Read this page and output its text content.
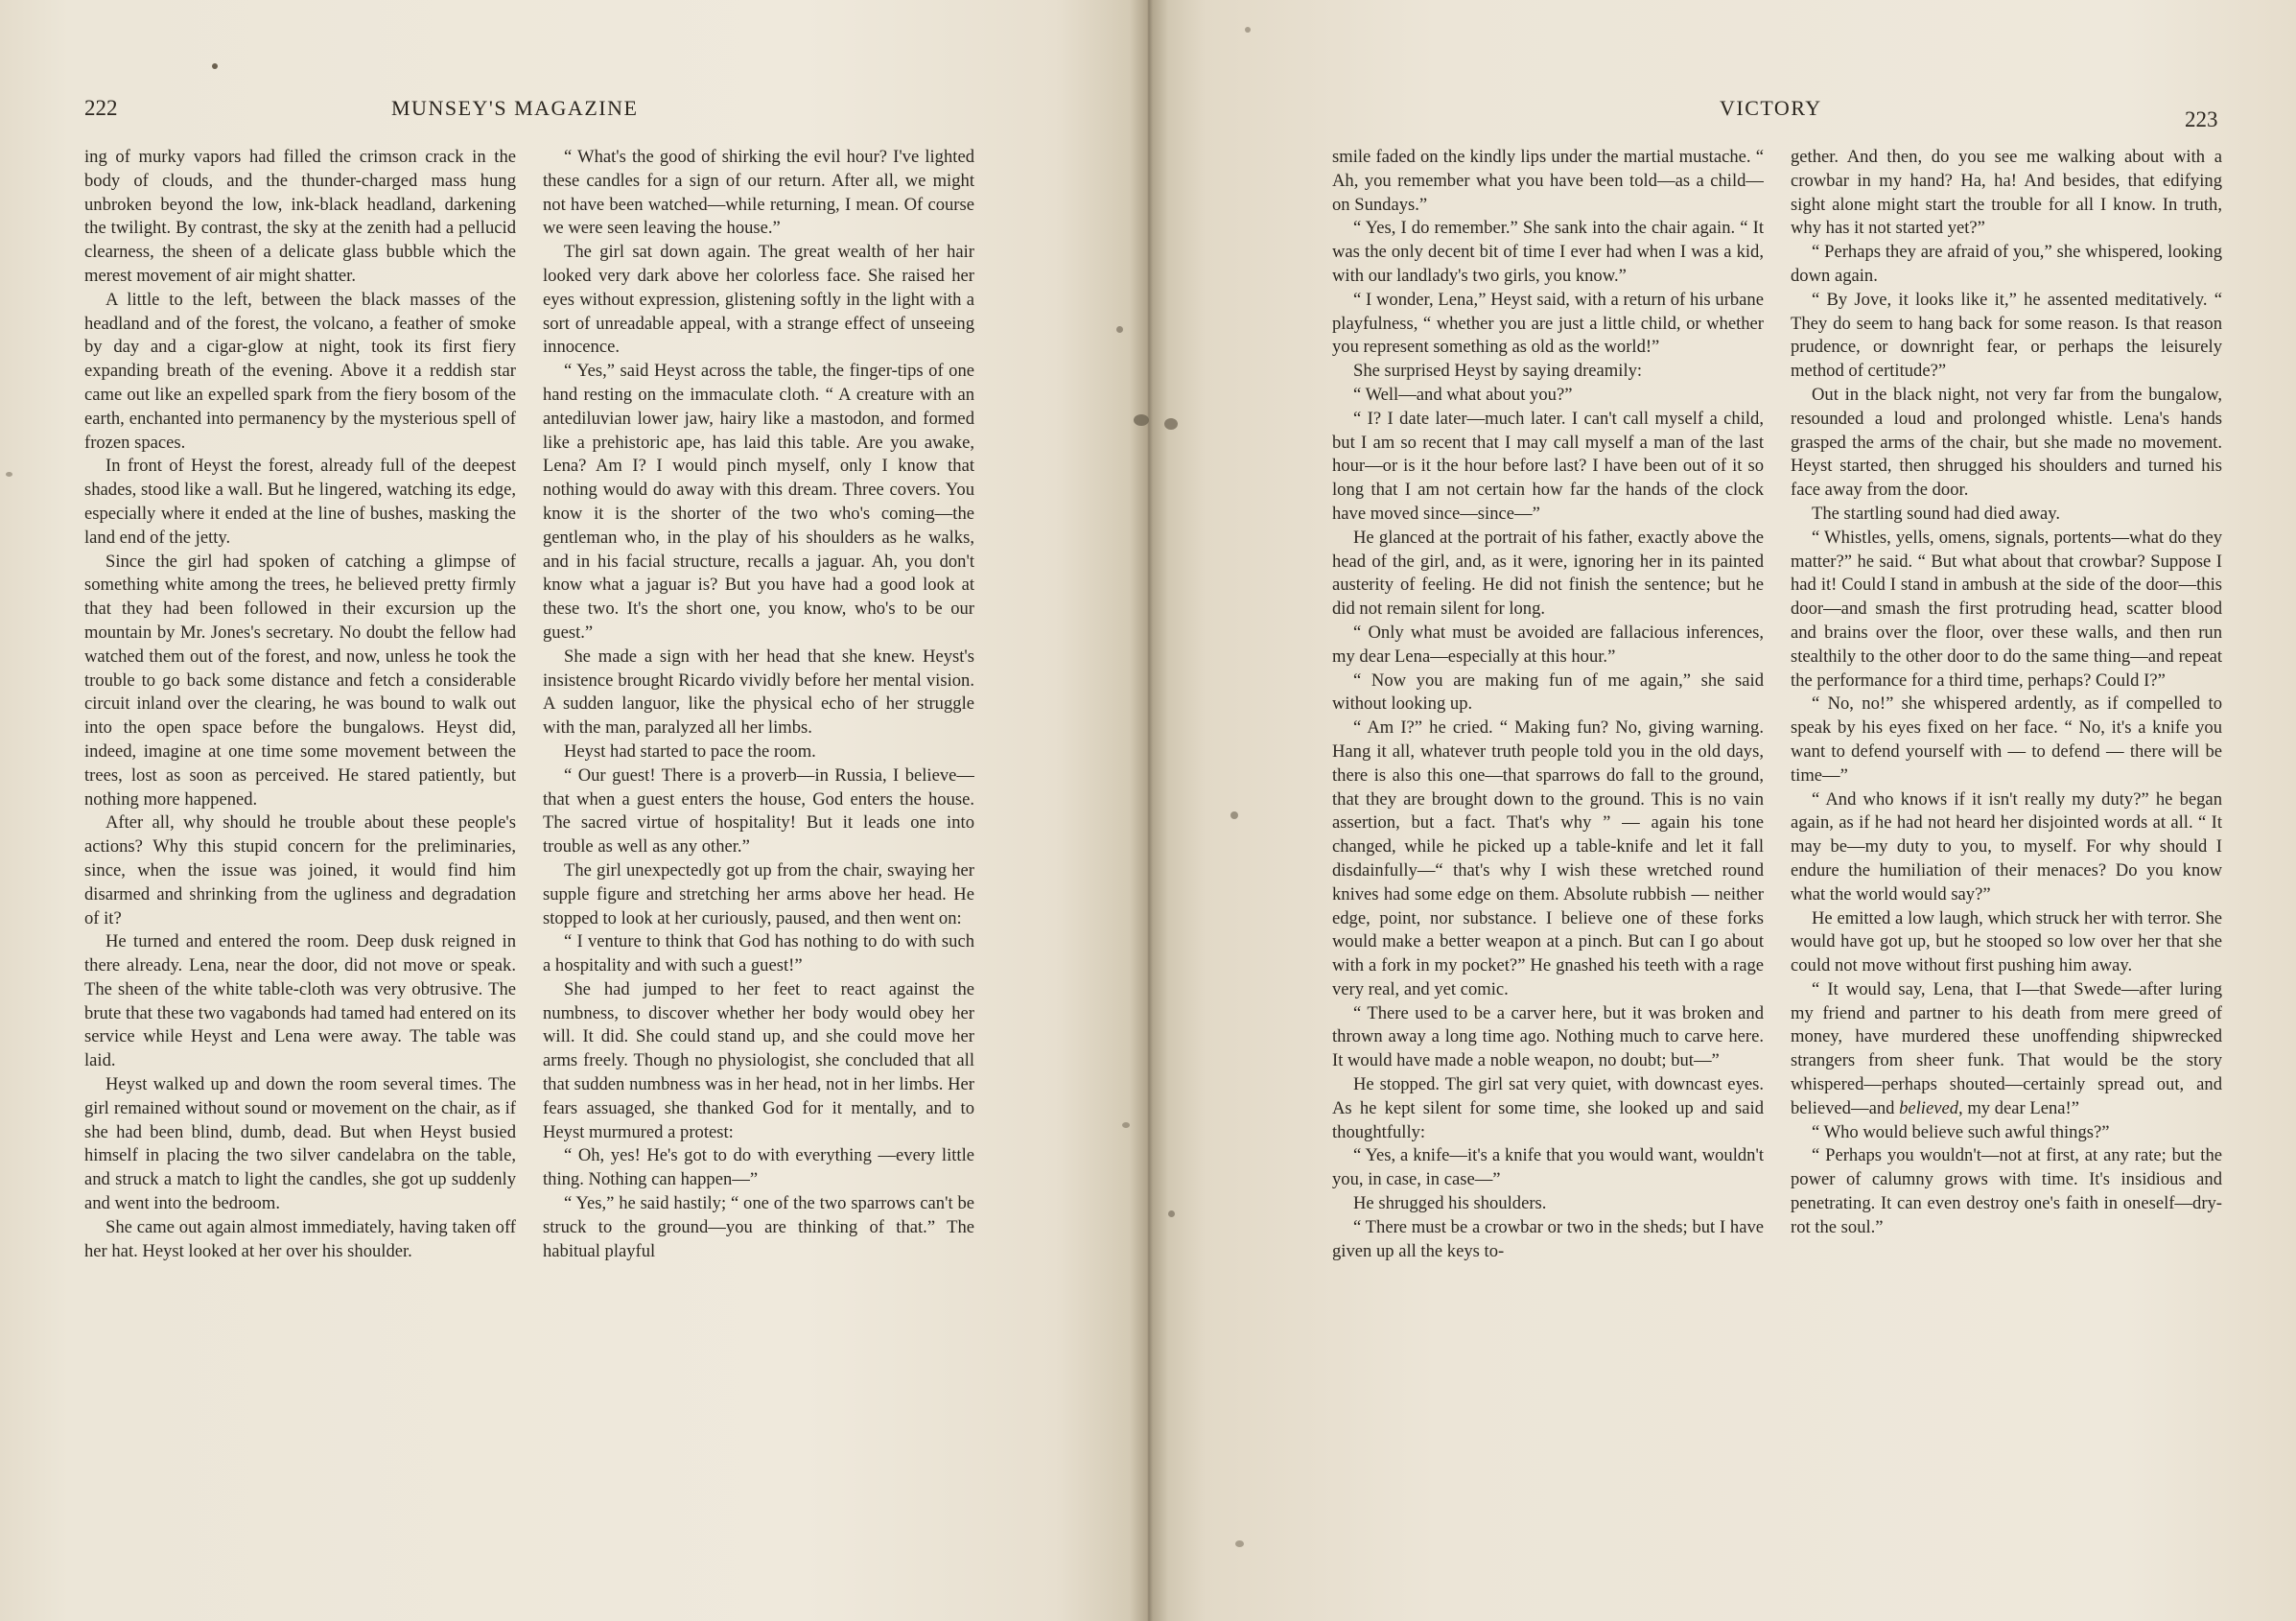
222	MUNSEY'S MAGAZINE

ing of murky vapors had filled the crimson crack in the body of clouds, and the thunder-charged mass hung unbroken beyond the low, ink-black headland, darkening the twilight. By contrast, the sky at the zenith had a pellucid clearness, the sheen of a delicate glass bubble which the merest movement of air might shatter.

A little to the left, between the black masses of the headland and of the forest, the volcano, a feather of smoke by day and a cigar-glow at night, took its first fiery expanding breath of the evening. Above it a reddish star came out like an expelled spark from the fiery bosom of the earth, enchanted into permanency by the mysterious spell of frozen spaces.

In front of Heyst the forest, already full of the deepest shades, stood like a wall. But he lingered, watching its edge, especially where it ended at the line of bushes, masking the land end of the jetty.

Since the girl had spoken of catching a glimpse of something white among the trees, he believed pretty firmly that they had been followed in their excursion up the mountain by Mr. Jones's secretary. No doubt the fellow had watched them out of the forest, and now, unless he took the trouble to go back some distance and fetch a considerable circuit inland over the clearing, he was bound to walk out into the open space before the bungalows. Heyst did, indeed, imagine at one time some movement between the trees, lost as soon as perceived. He stared patiently, but nothing more happened.

After all, why should he trouble about these people's actions? Why this stupid concern for the preliminaries, since, when the issue was joined, it would find him disarmed and shrinking from the ugliness and degradation of it?

He turned and entered the room. Deep dusk reigned in there already. Lena, near the door, did not move or speak. The sheen of the white table-cloth was very obtrusive. The brute that these two vagabonds had tamed had entered on its service while Heyst and Lena were away. The table was laid.

Heyst walked up and down the room several times. The girl remained without sound or movement on the chair, as if she had been blind, dumb, dead. But when Heyst busied himself in placing the two silver candelabra on the table, and struck a match to light the candles, she got up suddenly and went into the bedroom.

She came out again almost immediately, having taken off her hat. Heyst looked at her over his shoulder.

“ What's the good of shirking the evil hour? I've lighted these candles for a sign of our return. After all, we might not have been watched—while returning, I mean. Of course we were seen leaving the house.”

The girl sat down again. The great wealth of her hair looked very dark above her colorless face. She raised her eyes without expression, glistening softly in the light with a sort of unreadable appeal, with a strange effect of unseeing innocence.

“ Yes,” said Heyst across the table, the finger-tips of one hand resting on the immaculate cloth. “ A creature with an antediluvian lower jaw, hairy like a mastodon, and formed like a prehistoric ape, has laid this table. Are you awake, Lena? Am I? I would pinch myself, only I know that nothing would do away with this dream. Three covers. You know it is the shorter of the two who's coming—the gentleman who, in the play of his shoulders as he walks, and in his facial structure, recalls a jaguar. Ah, you don't know what a jaguar is? But you have had a good look at these two. It's the short one, you know, who's to be our guest.”

She made a sign with her head that she knew. Heyst's insistence brought Ricardo vividly before her mental vision. A sudden languor, like the physical echo of her struggle with the man, paralyzed all her limbs.

Heyst had started to pace the room.

“ Our guest! There is a proverb—in Russia, I believe—that when a guest enters the house, God enters the house. The sacred virtue of hospitality! But it leads one into trouble as well as any other.”

The girl unexpectedly got up from the chair, swaying her supple figure and stretching her arms above her head. He stopped to look at her curiously, paused, and then went on:

“ I venture to think that God has nothing to do with such a hospitality and with such a guest!”

She had jumped to her feet to react against the numbness, to discover whether her body would obey her will. It did. She could stand up, and she could move her arms freely. Though no physiologist, she concluded that all that sudden numbness was in her head, not in her limbs. Her fears assuaged, she thanked God for it mentally, and to Heyst murmured a protest:

“ Oh, yes! He's got to do with everything —every little thing. Nothing can happen—”

“ Yes,” he said hastily; “ one of the two sparrows can't be struck to the ground—you are thinking of that.” The habitual playful

VICTORY	223

smile faded on the kindly lips under the martial mustache. “ Ah, you remember what you have been told—as a child—on Sundays.”

“ Yes, I do remember.” She sank into the chair again. “ It was the only decent bit of time I ever had when I was a kid, with our landlady's two girls, you know.”

“ I wonder, Lena,” Heyst said, with a return of his urbane playfulness, “ whether you are just a little child, or whether you represent something as old as the world!”

She surprised Heyst by saying dreamily:

“ Well—and what about you?”

“ I? I date later—much later. I can't call myself a child, but I am so recent that I may call myself a man of the last hour—or is it the hour before last? I have been out of it so long that I am not certain how far the hands of the clock have moved since—since—”

He glanced at the portrait of his father, exactly above the head of the girl, and, as it were, ignoring her in its painted austerity of feeling. He did not finish the sentence; but he did not remain silent for long.

“ Only what must be avoided are fallacious inferences, my dear Lena—especially at this hour.”

“ Now you are making fun of me again,” she said without looking up.

“ Am I?” he cried. “ Making fun? No, giving warning. Hang it all, whatever truth people told you in the old days, there is also this one—that sparrows do fall to the ground, that they are brought down to the ground. This is no vain assertion, but a fact. That's why ” — again his tone changed, while he picked up a table-knife and let it fall disdainfully—“ that's why I wish these wretched round knives had some edge on them. Absolute rubbish — neither edge, point, nor substance. I believe one of these forks would make a better weapon at a pinch. But can I go about with a fork in my pocket?” He gnashed his teeth with a rage very real, and yet comic.

“ There used to be a carver here, but it was broken and thrown away a long time ago. Nothing much to carve here. It would have made a noble weapon, no doubt; but—”

He stopped. The girl sat very quiet, with downcast eyes. As he kept silent for some time, she looked up and said thoughtfully:

“ Yes, a knife—it's a knife that you would want, wouldn't you, in case, in case—”

He shrugged his shoulders.

“ There must be a crowbar or two in the sheds; but I have given up all the keys to-

gether. And then, do you see me walking about with a crowbar in my hand? Ha, ha! And besides, that edifying sight alone might start the trouble for all I know. In truth, why has it not started yet?”

“ Perhaps they are afraid of you,” she whispered, looking down again.

“ By Jove, it looks like it,” he assented meditatively. “ They do seem to hang back for some reason. Is that reason prudence, or downright fear, or perhaps the leisurely method of certitude?”

Out in the black night, not very far from the bungalow, resounded a loud and prolonged whistle. Lena's hands grasped the arms of the chair, but she made no movement. Heyst started, then shrugged his shoulders and turned his face away from the door.

The startling sound had died away.

“ Whistles, yells, omens, signals, portents—what do they matter?” he said. “ But what about that crowbar? Suppose I had it! Could I stand in ambush at the side of the door—this door—and smash the first protruding head, scatter blood and brains over the floor, over these walls, and then run stealthily to the other door to do the same thing—and repeat the performance for a third time, perhaps? Could I?”

“ No, no!” she whispered ardently, as if compelled to speak by his eyes fixed on her face. “ No, it's a knife you want to defend yourself with — to defend — there will be time—”

“ And who knows if it isn't really my duty?” he began again, as if he had not heard her disjointed words at all. “ It may be—my duty to you, to myself. For why should I endure the humiliation of their menaces? Do you know what the world would say?”

He emitted a low laugh, which struck her with terror. She would have got up, but he stooped so low over her that she could not move without first pushing him away.

“ It would say, Lena, that I—that Swede—after luring my friend and partner to his death from mere greed of money, have murdered these unoffending shipwrecked strangers from sheer funk. That would be the story whispered—perhaps shouted—certainly spread out, and believed—and believed, my dear Lena!”

“ Who would believe such awful things?”

“ Perhaps you wouldn't—not at first, at any rate; but the power of calumny grows with time. It's insidious and penetrating. It can even destroy one's faith in oneself—dry-rot the soul.”
